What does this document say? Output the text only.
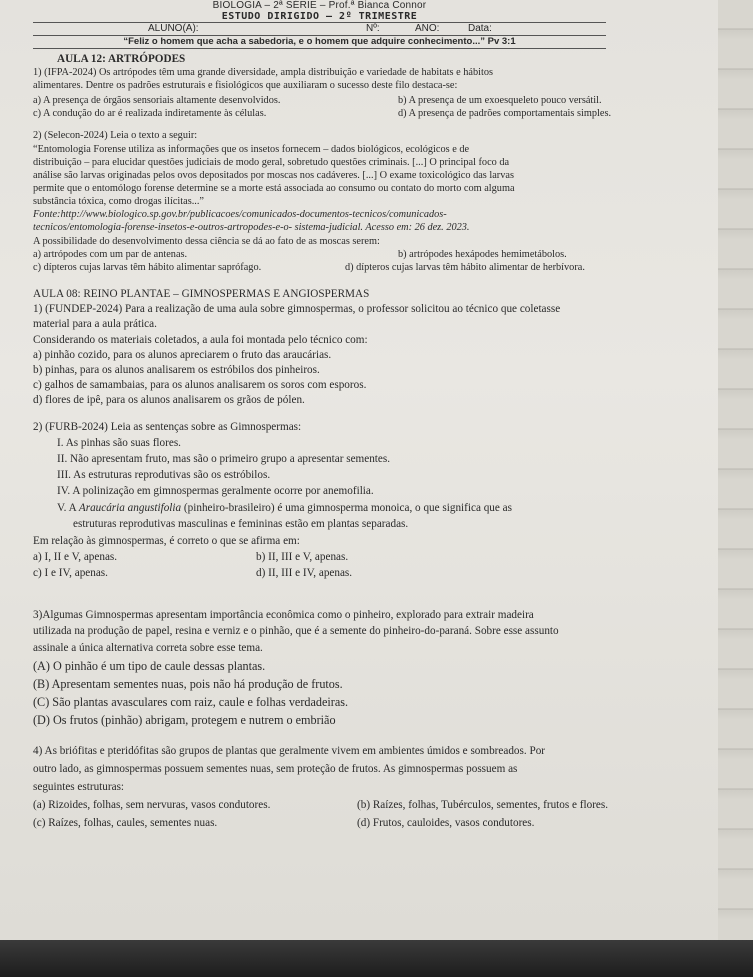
BIOLOGIA – 2ª SÉRIE – Prof.ª Bianca Connor
ESTUDO DIRIGIDO – 2º TRIMESTRE
ALUNO(A):	Nº:	ANO:	Data:
“Feliz o homem que acha a sabedoria, e o homem que adquire conhecimento...” Pv 3:1
AULA 12: ARTRÓPODES
1) (IFPA-2024) Os artrópodes têm uma grande diversidade, ampla distribuição e variedade de habitats e hábitos
alimentares. Dentre os padrões estruturais e fisiológicos que auxiliaram o sucesso deste filo destaca-se:
a) A presença de órgãos sensoriais altamente desenvolvidos.	b) A presença de um exoesqueleto pouco versátil.
c) A condução do ar é realizada indiretamente às células.	d) A presença de padrões comportamentais simples.
2) (Selecon-2024) Leia o texto a seguir:
“Entomologia Forense utiliza as informações que os insetos fornecem – dados biológicos, ecológicos e de
distribuição – para elucidar questões judiciais de modo geral, sobretudo questões criminais. [...] O principal foco da
análise são larvas originadas pelos ovos depositados por moscas nos cadáveres. [...] O exame toxicológico das larvas
permite que o entomólogo forense determine se a morte está associada ao consumo ou contato do morto com alguma
substância tóxica, como drogas ilícitas...”
Fonte:http://www.biologico.sp.gov.br/publicacoes/comunicados-documentos-tecnicos/comunicados-
tecnicos/entomologia-forense-insetos-e-outros-artropodes-e-o- sistema-judicial. Acesso em: 26 dez. 2023.
A possibilidade do desenvolvimento dessa ciência se dá ao fato de as moscas serem:
a) artrópodes com um par de antenas.	b) artrópodes hexápodes hemimetábolos.
c) dípteros cujas larvas têm hábito alimentar saprófago.	d) dípteros cujas larvas têm hábito alimentar de herbívora.
AULA 08: REINO PLANTAE – GIMNOSPERMAS E ANGIOSPERMAS
1) (FUNDEP-2024) Para a realização de uma aula sobre gimnospermas, o professor solicitou ao técnico que coletasse
material para a aula prática.
Considerando os materiais coletados, a aula foi montada pelo técnico com:
a) pinhão cozido, para os alunos apreciarem o fruto das araucárias.
b) pinhas, para os alunos analisarem os estróbilos dos pinheiros.
c) galhos de samambaias, para os alunos analisarem os soros com esporos.
d) flores de ipê, para os alunos analisarem os grãos de pólen.
2) (FURB-2024) Leia as sentenças sobre as Gimnospermas:
I. As pinhas são suas flores.
II. Não apresentam fruto, mas são o primeiro grupo a apresentar sementes.
III. As estruturas reprodutivas são os estróbilos.
IV. A polinização em gimnospermas geralmente ocorre por anemofilia.
V. A Araucária angustifolia (pinheiro-brasileiro) é uma gimnosperma monoica, o que significa que as
estruturas reprodutivas masculinas e femininas estão em plantas separadas.
Em relação às gimnospermas, é correto o que se afirma em:
a) I, II e V, apenas.	b) II, III e V, apenas.
c) I e IV, apenas.	d) II, III e IV, apenas.
3)Algumas Gimnospermas apresentam importância econômica como o pinheiro, explorado para extrair madeira
utilizada na produção de papel, resina e verniz e o pinhão, que é a semente do pinheiro-do-paraná. Sobre esse assunto
assinale a única alternativa correta sobre esse tema.
(A) O pinhão é um tipo de caule dessas plantas.
(B) Apresentam sementes nuas, pois não há produção de frutos.
(C) São plantas avasculares com raiz, caule e folhas verdadeiras.
(D) Os frutos (pinhão) abrigam, protegem e nutrem o embrião
4) As briófitas e pteridófitas são grupos de plantas que geralmente vivem em ambientes úmidos e sombreados. Por
outro lado, as gimnospermas possuem sementes nuas, sem proteção de frutos. As gimnospermas possuem as
seguintes estruturas:
(a) Rizoides, folhas, sem nervuras, vasos condutores.	(b) Raízes, folhas, Tubérculos, sementes, frutos e flores.
(c) Raízes, folhas, caules, sementes nuas.	(d) Frutos, cauloides, vasos condutores.
